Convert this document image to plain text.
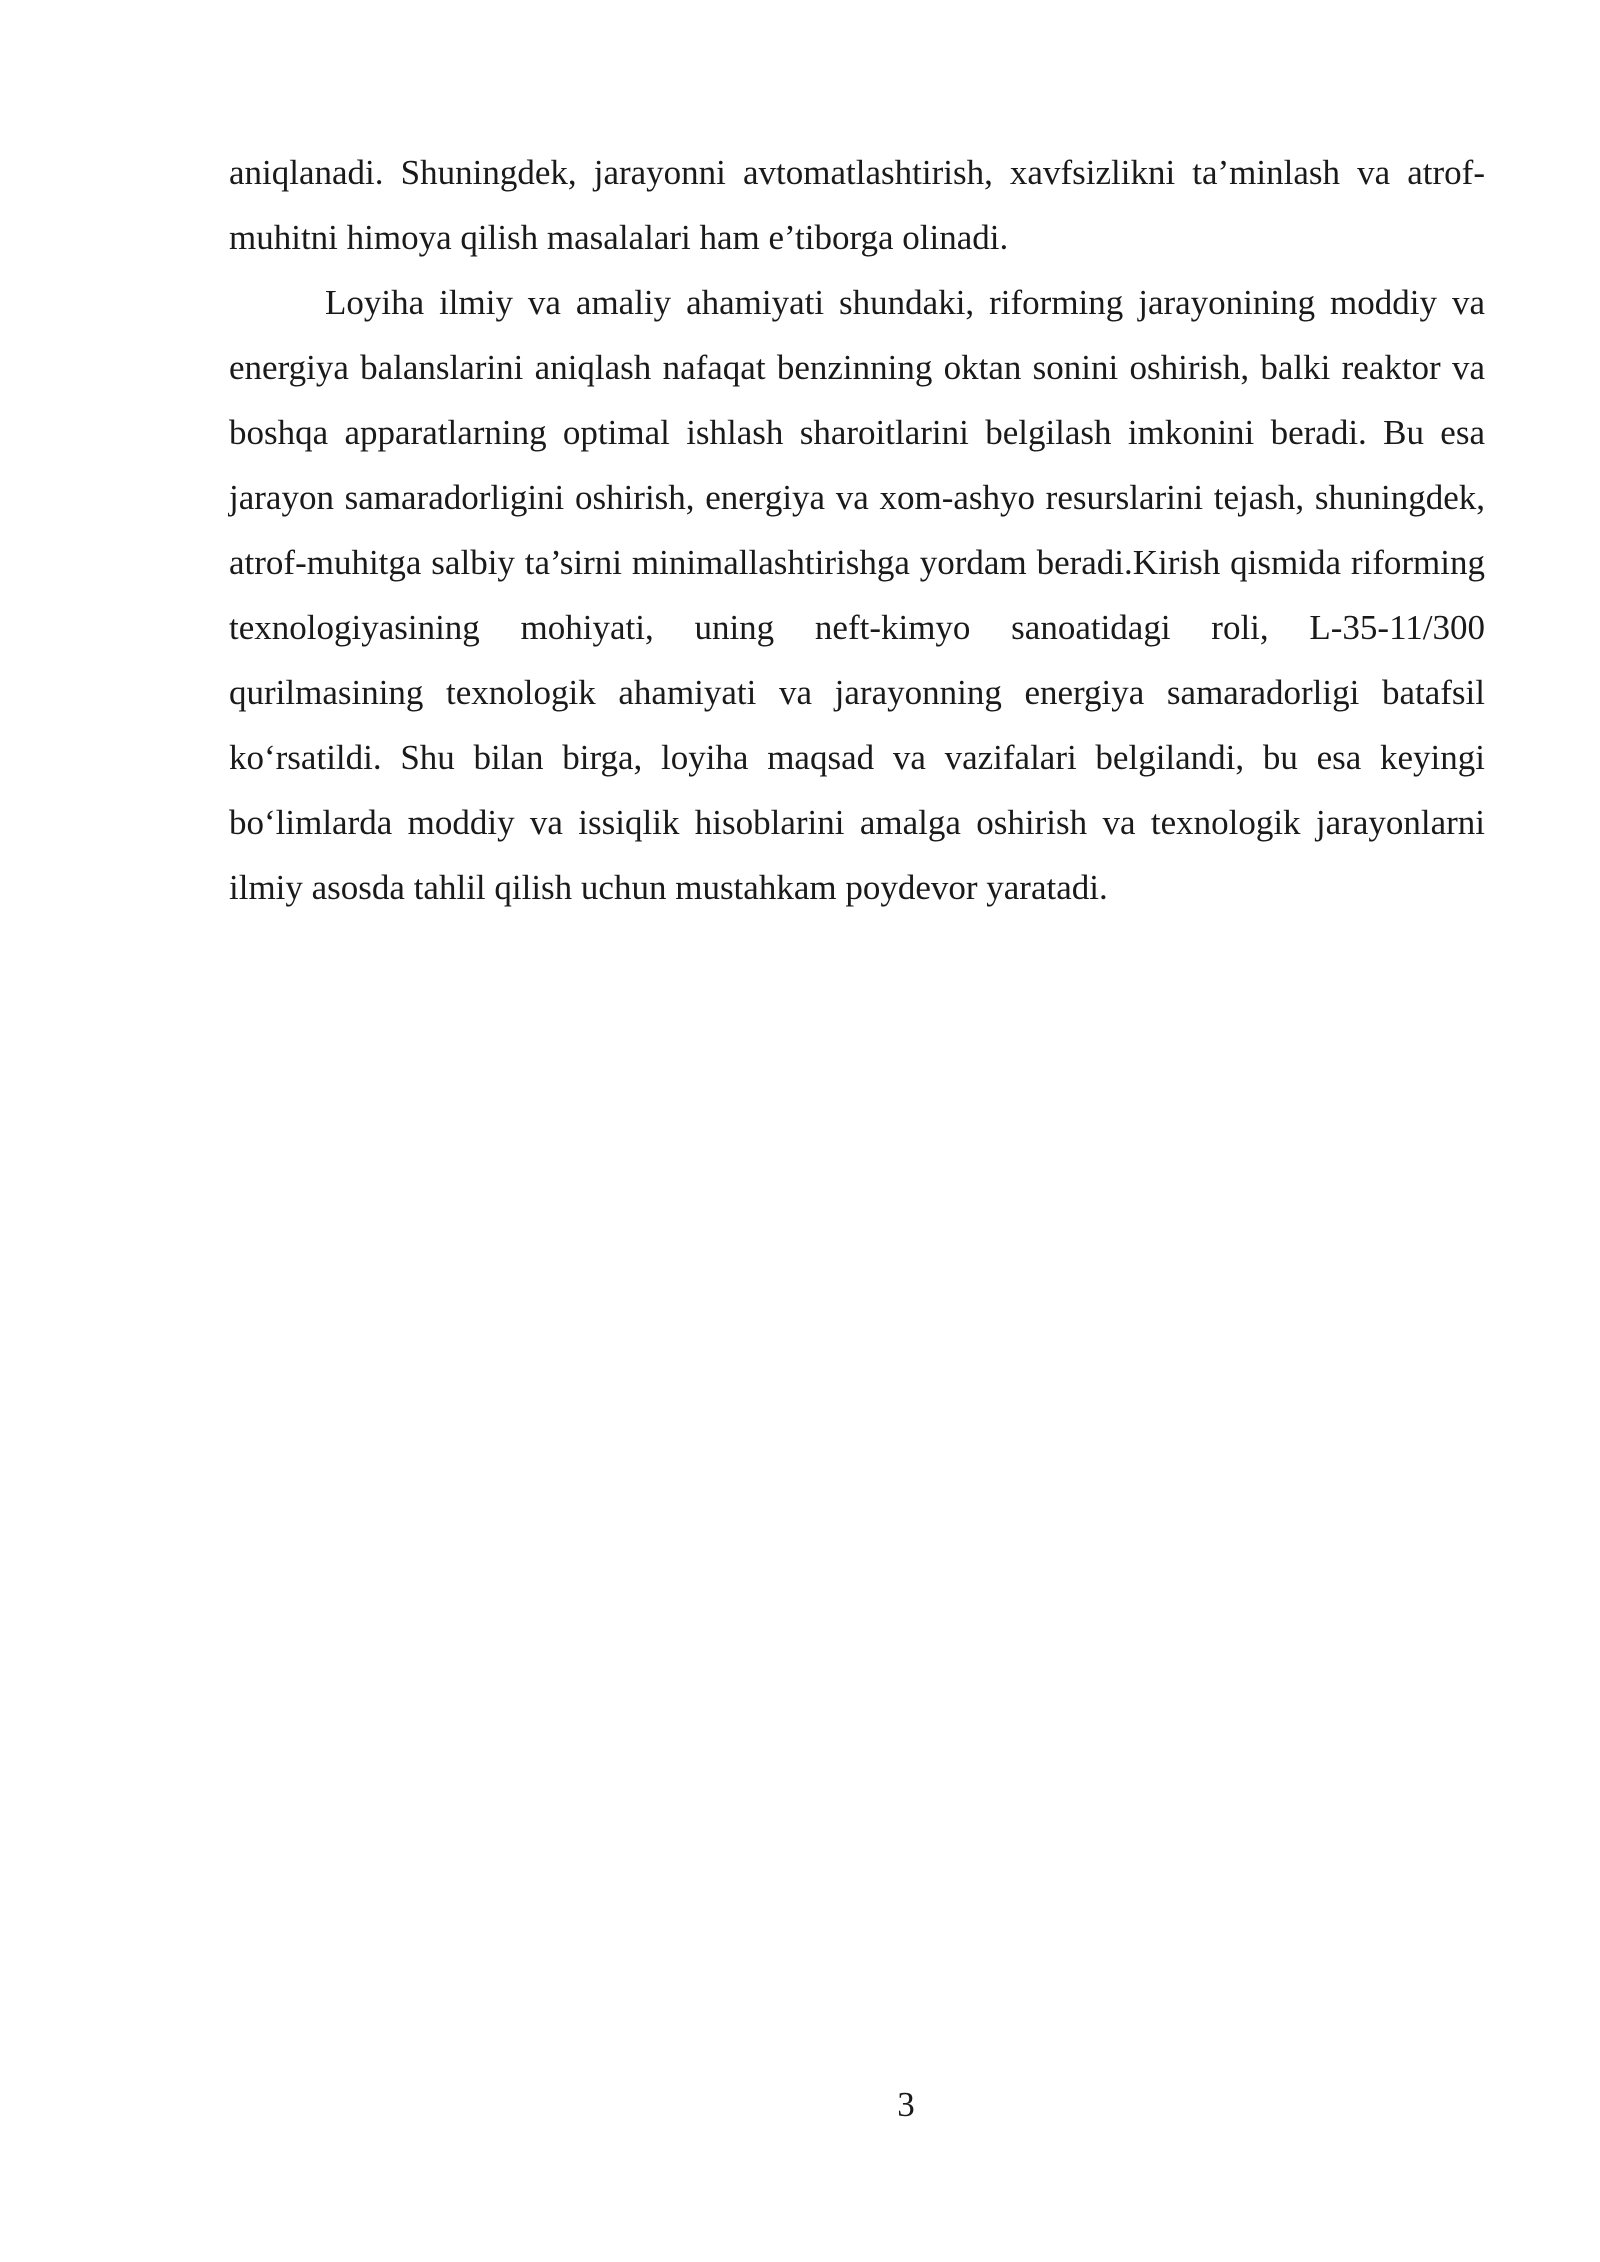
aniqlanadi. Shuningdek, jarayonni avtomatlashtirish, xavfsizlikni ta’minlash va atrof-muhitni himoya qilish masalalari ham e’tiborga olinadi.

Loyiha ilmiy va amaliy ahamiyati shundaki, riforming jarayonining moddiy va energiya balanslarini aniqlash nafaqat benzinning oktan sonini oshirish, balki reaktor va boshqa apparatlarning optimal ishlash sharoitlarini belgilash imkonini beradi. Bu esa jarayon samaradorligini oshirish, energiya va xom-ashyo resurslarini tejash, shuningdek, atrof-muhitga salbiy ta’sirni minimallashtirishga yordam beradi.Kirish qismida riforming texnologiyasining mohiyati, uning neft-kimyo sanoatidagi roli, L-35-11/300 qurilmasining texnologik ahamiyati va jarayonning energiya samaradorligi batafsil ko‘rsatildi. Shu bilan birga, loyiha maqsad va vazifalari belgilandi, bu esa keyingi bo‘limlarda moddiy va issiqlik hisoblarini amalga oshirish va texnologik jarayonlarni ilmiy asosda tahlil qilish uchun mustahkam poydevor yaratadi.

3
